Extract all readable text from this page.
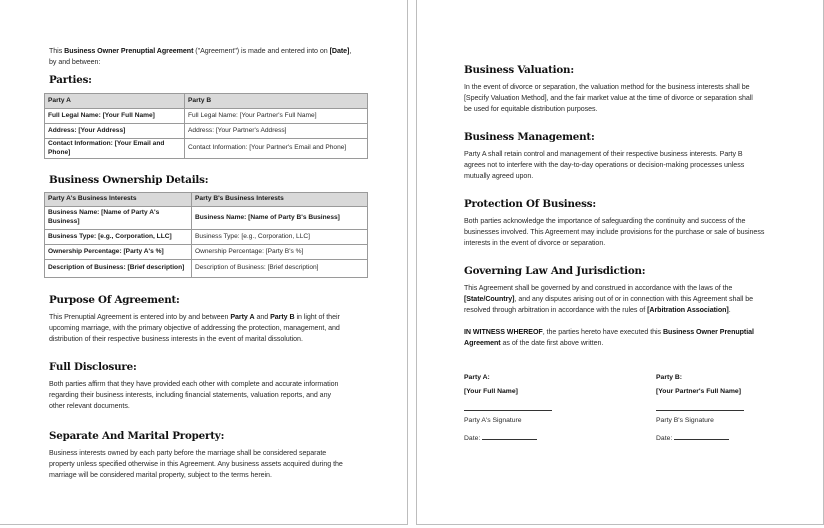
This Business Owner Prenuptial Agreement ("Agreement") is made and entered into on [Date],
by and between:
Parties:
Party A	Party B
Full Legal Name: [Your Full Name]	Full Legal Name: [Your Partner's Full Name]
Address: [Your Address]	Address: [Your Partner's Address]
Contact Information: [Your Email and Phone]	Contact Information: [Your Partner's Email and Phone]
Business Ownership Details:
Party A's Business Interests	Party B's Business Interests
Business Name: [Name of Party A's Business]	Business Name: [Name of Party B's Business]
Business Type: [e.g., Corporation, LLC]	Business Type: [e.g., Corporation, LLC]
Ownership Percentage: [Party A's %]	Ownership Percentage: [Party B's %]
Description of Business: [Brief description]	Description of Business: [Brief description]
Purpose Of Agreement:
This Prenuptial Agreement is entered into by and between Party A and Party B in light of their
upcoming marriage, with the primary objective of addressing the protection, management, and
distribution of their respective business interests in the event of marital dissolution.
Full Disclosure:
Both parties affirm that they have provided each other with complete and accurate information
regarding their business interests, including financial statements, valuation reports, and any
other relevant documents.
Separate And Marital Property:
Business interests owned by each party before the marriage shall be considered separate
property unless specified otherwise in this Agreement. Any business assets acquired during the
marriage will be considered marital property, subject to the terms herein.
Business Valuation:
In the event of divorce or separation, the valuation method for the business interests shall be
[Specify Valuation Method], and the fair market value at the time of divorce or separation shall
be used for equitable distribution purposes.
Business Management:
Party A shall retain control and management of their respective business interests. Party B
agrees not to interfere with the day-to-day operations or decision-making processes unless
mutually agreed upon.
Protection Of Business:
Both parties acknowledge the importance of safeguarding the continuity and success of the
businesses involved. This Agreement may include provisions for the purchase or sale of business
interests in the event of divorce or separation.
Governing Law And Jurisdiction:
This Agreement shall be governed by and construed in accordance with the laws of the
[State/Country], and any disputes arising out of or in connection with this Agreement shall be
resolved through arbitration in accordance with the rules of [Arbitration Association].
IN WITNESS WHEREOF, the parties hereto have executed this Business Owner Prenuptial
Agreement as of the date first above written.
Party A:
[Your Full Name]
Party A's Signature
Date:
Party B:
[Your Partner's Full Name]
Party B's Signature
Date:
